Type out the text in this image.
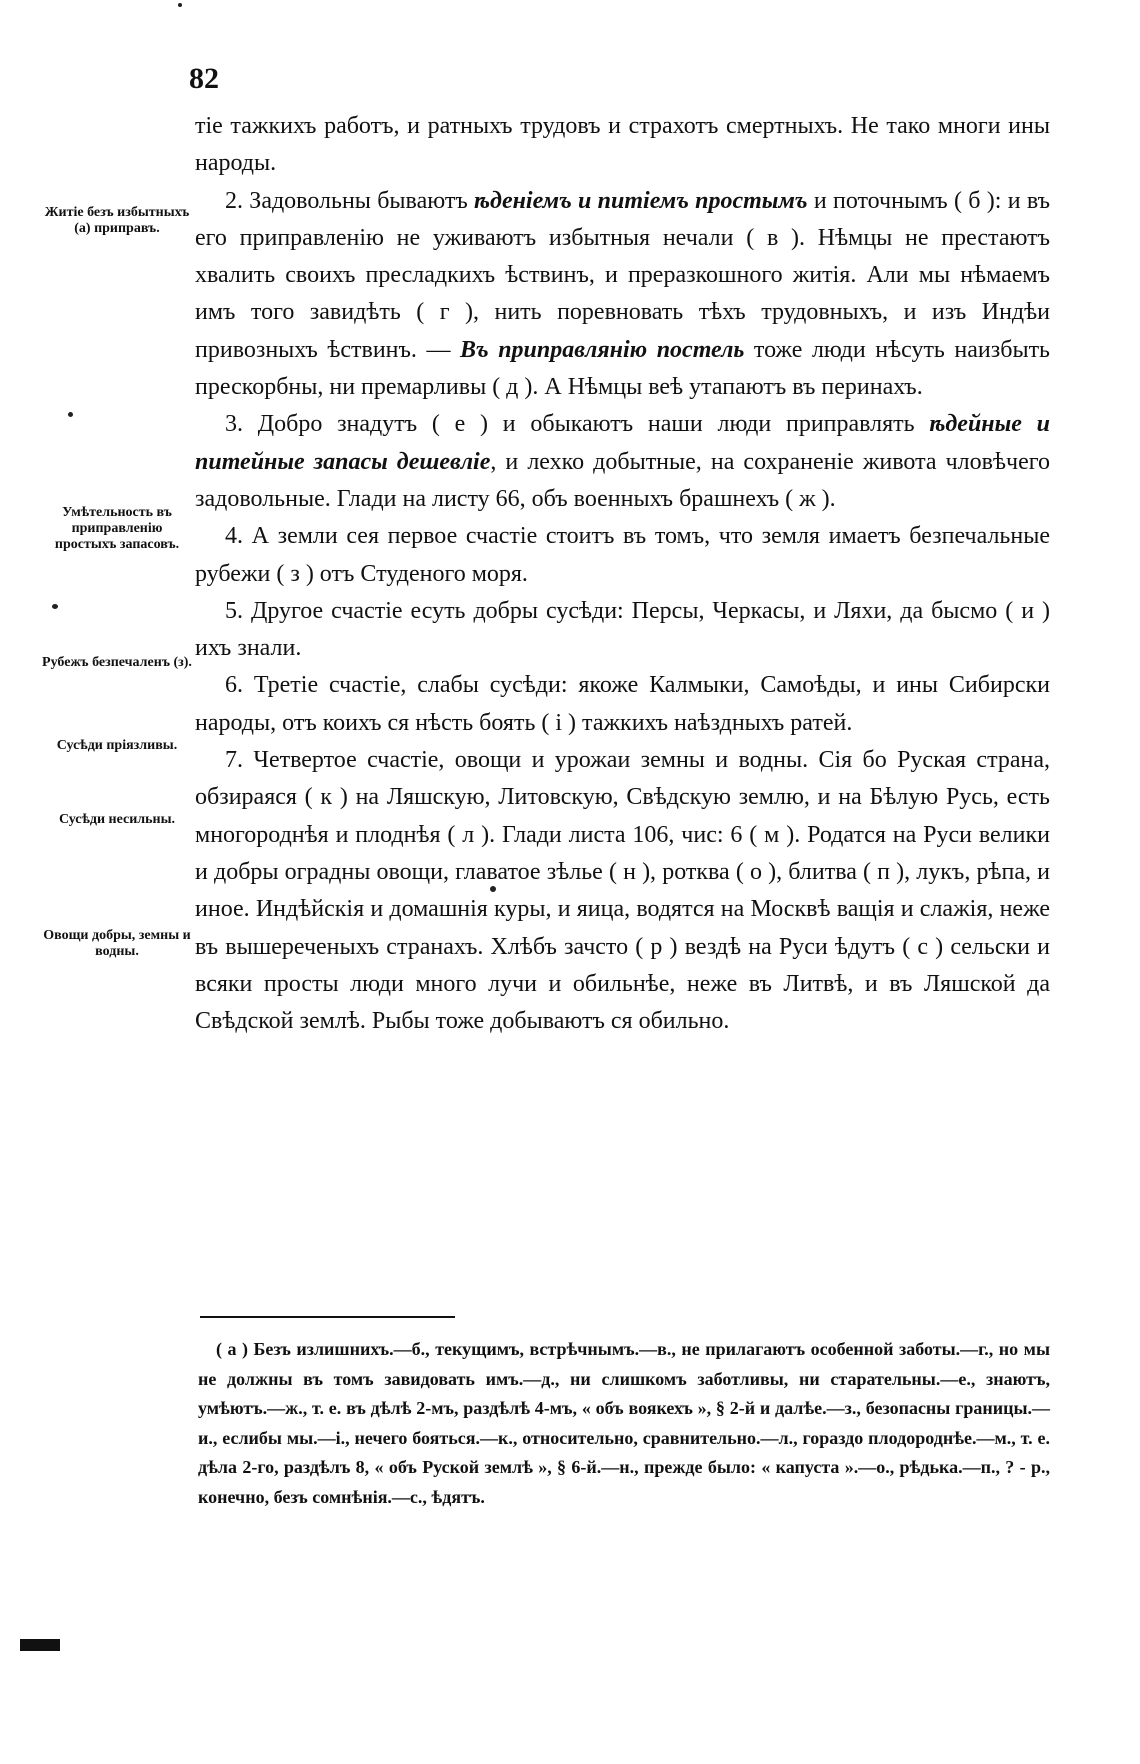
82
Житіе безъ избытныхъ (а) приправъ.
Умѣтельность въ приправленію простыхъ запасовъ.
Рубежъ безпечаленъ (з).
Сусѣди пріязливы.
Сусѣди несильны.
Овощи добры, земны и водны.

тіе тажкихъ работъ, и ратныхъ трудовъ и страхотъ смертныхъ. Не тако многи ины народы.

2. Задовольны бываютъ ѣденіемъ и питіемъ простымъ и поточнымъ ( б ): и въ его приправленію не уживаютъ избытныя нечали ( в ). Нѣмцы не престаютъ хвалить своихъ пресладкихъ ѣствинъ, и преразкошного житія. Али мы нѣмаемъ имъ того завидѣть ( г ), нить поревновать тѣхъ трудовныхъ, и изъ Индѣи привозныхъ ѣствинъ. — Въ приправлянію постель тоже люди нѣсуть наизбыть прескорбны, ни премарливы ( д ). А Нѣмцы веѣ утапаютъ въ перинахъ.

3. Добро знадутъ ( е ) и обыкаютъ наши люди приправлять ѣдейные и питейные запасы дешевліе, и лехко добытные, на сохраненіе живота чловѣчего задовольные. Глади на листу 66, объ военныхъ брашнехъ ( ж ).

4. А земли сея первое счастіе стоитъ въ томъ, что земля имаетъ безпечальные рубежи ( з ) отъ Студеного моря.

5. Другое счастіе есуть добры сусѣди: Персы, Черкасы, и Ляхи, да бысмо ( и ) ихъ знали.

6. Третіе счастіе, слабы сусѣди: якоже Калмыки, Самоѣды, и ины Сибирски народы, отъ коихъ ся нѣсть боять ( і ) тажкихъ наѣздныхъ ратей.

7. Четвертое счастіе, овощи и урожаи земны и водны. Сія бо Руская страна, обзираяся ( к ) на Ляшскую, Литовскую, Свѣдскую землю, и на Бѣлую Русь, есть многороднѣя и плоднѣя ( л ). Глади листа 106, чис: 6 ( м ). Родатся на Руси велики и добры оградны овощи, главатое зѣлье ( н ), ротква ( о ), блитва ( п ), лукъ, рѣпа, и иное. Индѣйскія и домашнія куры, и яица, водятся на Москвѣ ващія и слажія, неже въ вышереченыхъ странахъ. Хлѣбъ зачсто ( р ) вездѣ на Руси ѣдутъ ( с ) сельски и всяки просты люди много лучи и обильнѣе, неже въ Литвѣ, и въ Ляшской да Свѣдской землѣ. Рыбы тоже добываютъ ся обильно.

( а ) Безъ излишнихъ.—б., текущимъ, встрѣчнымъ.—в., не прилагаютъ особенной заботы.—г., но мы не должны въ томъ завидовать имъ.—д., ни слишкомъ заботливы, ни старательны.—е., знаютъ, умѣютъ.—ж., т. е. въ дѣлѣ 2-мъ, раздѣлѣ 4-мъ, « объ воякехъ », § 2-й и далѣе.—з., безопасны границы.—и., еслибы мы.—і., нечего бояться.—к., относительно, сравнительно.—л., гораздо плодороднѣе.—м., т. е. дѣла 2-го, раздѣлъ 8, « объ Руской землѣ », § 6-й.—н., прежде было: « капуста ».—о., рѣдька.—п., ? - р., конечно, безъ сомнѣнія.—с., ѣдятъ.
